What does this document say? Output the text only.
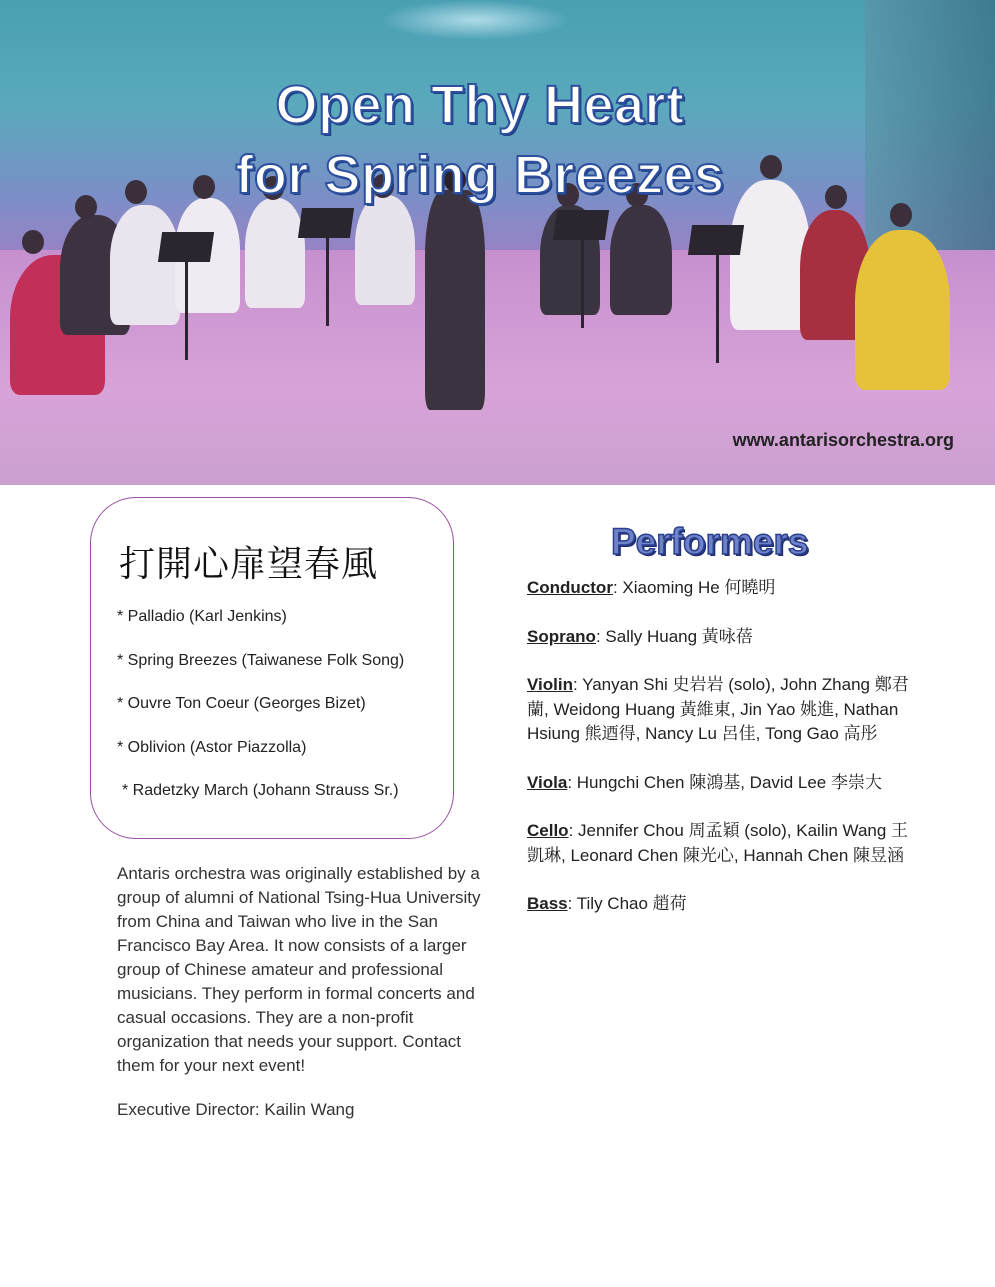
Open Thy Heart
for Spring Breezes
www.antarisorchestra.org
打開心扉望春風
* Palladio (Karl Jenkins)
* Spring Breezes (Taiwanese Folk Song)
* Ouvre Ton Coeur (Georges Bizet)
* Oblivion (Astor Piazzolla)
* Radetzky March (Johann Strauss Sr.)
Antaris orchestra was originally established by a group of alumni of National Tsing-Hua University from China and Taiwan who live in the San Francisco Bay Area. It now consists of a larger group of Chinese amateur and professional musicians. They perform in formal concerts and casual occasions. They are a non-profit organization that needs your support. Contact them for your next event!
Executive Director: Kailin Wang
Performers
Conductor: Xiaoming He 何曉明
Soprano: Sally Huang 黃咏蓓
Violin: Yanyan Shi 史岩岩 (solo), John Zhang 鄭君蘭, Weidong Huang 黃維東, Jin Yao 姚進, Nathan Hsiung 熊迺得, Nancy Lu 呂佳, Tong Gao 高彤
Viola: Hungchi Chen 陳鴻基, David Lee 李崇大
Cello: Jennifer Chou 周孟穎 (solo), Kailin Wang 王凱琳, Leonard Chen 陳光心, Hannah Chen 陳昱涵
Bass: Tily Chao 趙荷
